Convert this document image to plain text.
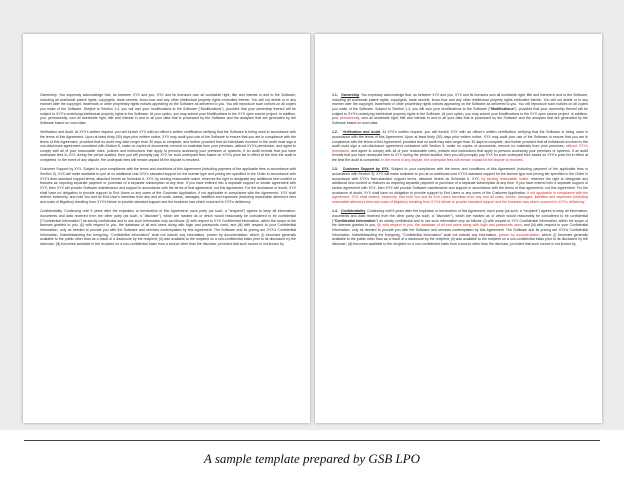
Ownership. You expressly acknowledge that, as between XYX and you, XYX and its licensors own all worldwide right, title and interest in and to the Software, including all worldwide patent rights, copyrights, trade secrets, know-how and any other intellectual property rights embodied therein. You will not delete or in any manner alter the copyright, trademark or other proprietary rights notices appearing on the Software as delivered to you. You will reproduce such notices on all copies you make of the Software. Subject to Section 1.4, you will own your modifications to the Software ("Modifications"), provided that your ownership thereof will be subject to XYX's underlying intellectual property rights in the Software. At your option, you may submit your Modifications to the XYX open source project. In addition, you, permanently, own all worldwide right, title and interest in and to all your data that is processed by the Software and the analyses that are generated by the Software based on such data.

Verification and Audit. At XYX's written request, you will furnish XYX with an officer's written certification verifying that the Software is being used in accordance with the terms of this Agreement. Upon at least thirty (30) days prior written notice, XYX may audit your use of the Software to ensure that you are in compliance with the terms of this Agreement, provided that no audit may take longer than 30 days to complete, and further provided that all individuals involved in the audit must sign a non-disclosure agreement consistent with Section 5, make no copies of documents, remove no materials from your premises, without XYX's permission, and agree to comply with all of your reasonable rules, policies and instructions that apply to persons accessing your premises or systems. If an audit reveals that you have underpaid fees to XYX during the period audited, then you will promptly pay XYX for such underpaid fees based on XYX's price list in effect at the time the audit is completed. In the event of any dispute, the underpaid fees will remain unpaid till the dispute is resolved.

Customer Support by XYX. Subject to your compliance with the terms and conditions of this Agreement (including payment of the applicable fees in accordance with Section 3), XYX will make available to you at no additional cost XYX's standard support for the license type and pricing tier specified in the Order in accordance with XYX's then-standard support terms, attached hereto as Schedule A. XYX, by serving reasonable notice, reserves the right to designate any additional new content or features as requiring separate payment or purchase of a separate subscription at any time. If you have entered into a separate support or similar agreement with XYX, then XYX will provide Software maintenance and support in accordance with the terms of that agreement, not this Agreement. For the avoidance of doubt, XYX shall have no obligation to provide support to End Users or any users of the Customer Application, if not applicable in compliance with the Agreement. XYX shall defend, indemnify, and hold You and its End User's harmless from any and all costs, losses, damages, liabilities and expenses (including reasonable attorney's fees and costs of litigation) resulting from XYX's failure to provide standard support and the business loss which occurred to XYX's deficiency.

Confidentiality. Continuing until 5 years after the expiration or termination of this Agreement, each party (as such, a "recipient") agrees to keep all information, documents and data received from the other party (as such, a "discloser"), which are marked as or which would reasonably be considered to be confidential ("Confidential Information") as strictly confidential and to use such information only as follows: (i) with respect to XYX Confidential Information, within the scope of the licenses granted to you, (ii) with respect to you, the database of all end users along with login and passwords used, and (iii) with respect to your Confidential Information, only as needed to provide you with the Software and services contemplated by this Agreement. The Software and its pricing are XYX's Confidential Information. Notwithstanding the foregoing, "Confidential Information" shall not include any information, proven by documentation, which: (i) becomes generally available to the public other than as a result of a disclosure by the recipient; (ii) was available to the recipient on a non-confidential basis prior to its disclosure by the discloser; (iii) becomes available to the recipient on a non-confidential basis from a source other than the discloser, provided that such source is not known by

1.1.   Ownership. You expressly acknowledge that, as between XYX and you, XYX and its licensors own all worldwide right, title and interest in and to the Software, including all worldwide patent rights, copyrights, trade secrets, know-how and any other intellectual property rights embodied therein. You will not delete or in any manner alter the copyright, trademark or other proprietary rights notices appearing on the Software as delivered to you. You will reproduce such notices on all copies you make of the Software. Subject to Section 1.4, you will own your modifications to the Software ("Modifications"), provided that your ownership thereof will be subject to XYX's underlying intellectual property rights in the Software. At your option, you may submit your Modifications to the XYX open source project. In addition, you, permanently, own all worldwide right, title and interest in and to all your data that is processed by the Software and the analyses that are generated by the Software based on such data.

1.2.   Verification and Audit. At XYX's written request, you will furnish XYX with an officer's written certification verifying that the Software is being used in accordance with the terms of this Agreement. Upon at least thirty (30) days prior written notice, XYX may audit your use of the Software to ensure that you are in compliance with the terms of this Agreement, provided that no audit may take longer than 30 days to complete, and further provided that all individuals involved in the audit must sign a non-disclosure agreement consistent with Section 5, make no copies of documents, remove no materials from your premises, without XYX's permission, and agree to comply with all of your reasonable rules, policies and instructions that apply to persons accessing your premises or systems. If an audit reveals that you have underpaid fees to XYX during the period audited, then you will promptly pay XYX for such underpaid fees based on XYX's price list in effect at the time the audit is completed. In the event of any dispute, the underpaid fees will remain unpaid till the dispute is resolved.

1.3.   Customer Support by XYX. Subject to your compliance with the terms and conditions of this Agreement (including payment of the applicable fees in accordance with Section 3), XYX will make available to you at no additional cost XYX's standard support for the license type and pricing tier specified in the Order in accordance with XYX's then-standard support terms, attached hereto as Schedule A. XYX, by serving reasonable notice, reserves the right to designate any additional new content or features as requiring separate payment or purchase of a separate subscription at any time. If you have entered into a separate support or similar agreement with XYX, then XYX will provide Software maintenance and support in accordance with the terms of that agreement, not this Agreement. For the avoidance of doubt, XYX shall have no obligation to provide support to End Users or any users of the Customer Application, if not applicable in compliance with the Agreement. XYX shall defend, indemnify, and hold You and its End Users harmless from any and all costs, losses, damages, liabilities and expenses (including reasonable attorney's fees and costs of litigation) resulting from XYX's failure to provide standard support and the business loss which occurred to XYX's deficiency.

1.4.   Confidentiality. Continuing until 5 years after the expiration or termination of this Agreement, each party (as such, a "recipient") agrees to keep all information, documents and data received from the other party (as such, a "discloser"), which are marked as or which would reasonably be considered to be confidential ("Confidential Information") as strictly confidential and to use such information only as follows: (i) with respect to XYX Confidential Information, within the scope of the licenses granted to you, (ii) with respect to you, the database of all end users along with login and passwords used, and (iii) with respect to your Confidential Information, only as needed to provide you with the Software and services contemplated by this Agreement. The Software and its pricing are XYX's Confidential Information. Notwithstanding the foregoing, "Confidential Information" shall not include any information, proven by documentation, which: (i) becomes generally available to the public other than as a result of a disclosure by the recipient; (ii) was available to the recipient on a non-confidential basis prior to its disclosure by the discloser; (iii) becomes available to the recipient on a non-confidential basis from a source other than the discloser, provided that such source is not known by

A sample template prepared by GSB LPO
